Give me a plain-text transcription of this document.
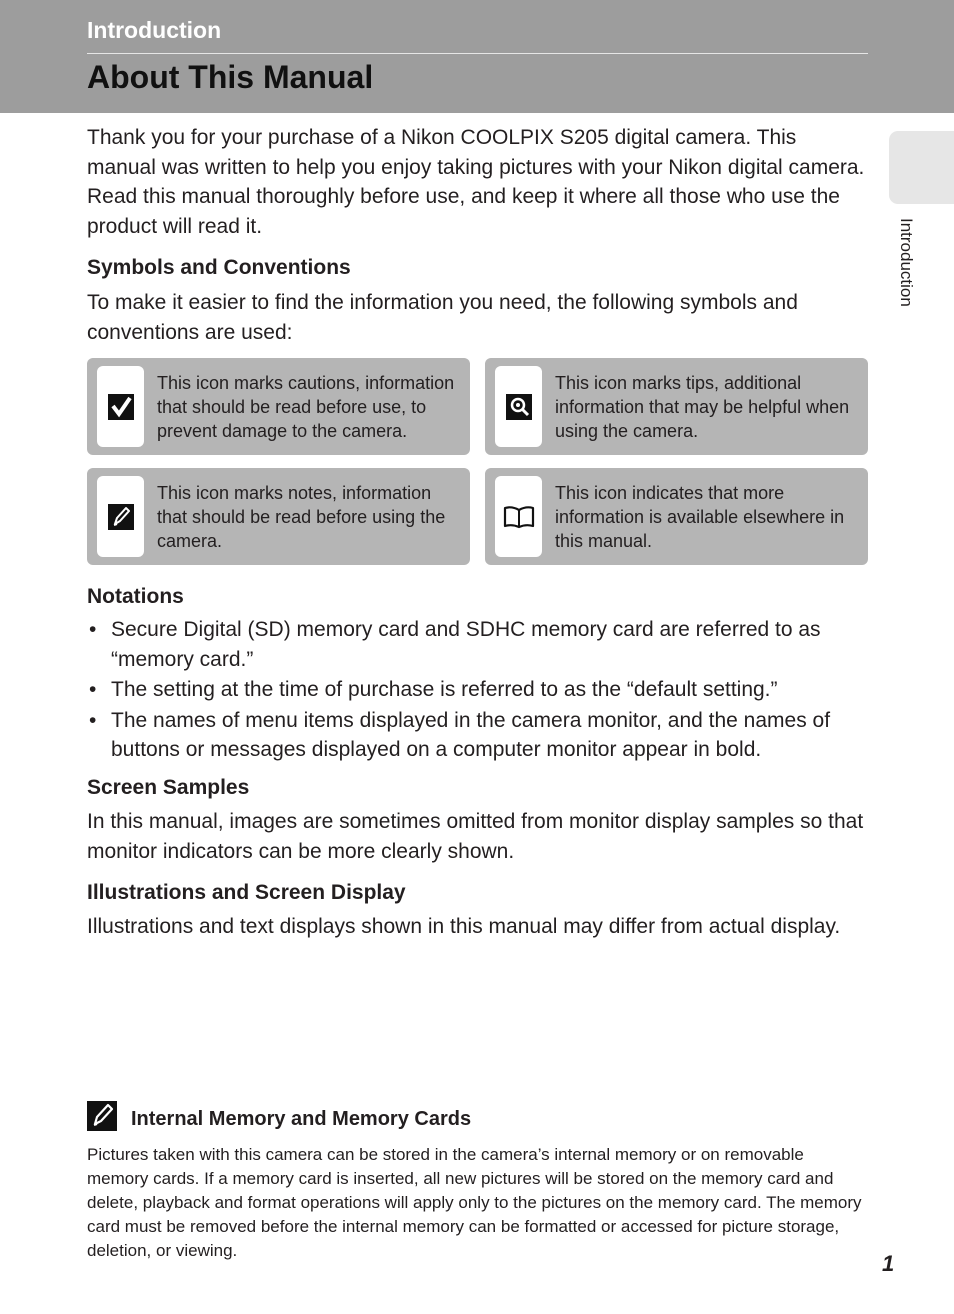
Introduction
About This Manual
Introduction

Thank you for your purchase of a Nikon COOLPIX S205 digital camera. This manual was written to help you enjoy taking pictures with your Nikon digital camera. Read this manual thoroughly before use, and keep it where all those who use the product will read it.

Symbols and Conventions

To make it easier to find the information you need, the following symbols and conventions are used:

This icon marks cautions, information that should be read before use, to prevent damage to the camera.
This icon marks tips, additional information that may be helpful when using the camera.
This icon marks notes, information that should be read before using the camera.
This icon indicates that more information is available elsewhere in this manual.
Notations
• Secure Digital (SD) memory card and SDHC memory card are referred to as “memory card.”
• The setting at the time of purchase is referred to as the “default setting.”
• The names of menu items displayed in the camera monitor, and the names of buttons or messages displayed on a computer monitor appear in bold.
Screen Samples

In this manual, images are sometimes omitted from monitor display samples so that monitor indicators can be more clearly shown.

Illustrations and Screen Display

Illustrations and text displays shown in this manual may differ from actual display.

Internal Memory and Memory Cards

Pictures taken with this camera can be stored in the camera’s internal memory or on removable memory cards. If a memory card is inserted, all new pictures will be stored on the memory card and delete, playback and format operations will apply only to the pictures on the memory card. The memory card must be removed before the internal memory can be formatted or accessed for picture storage, deletion, or viewing.

1
